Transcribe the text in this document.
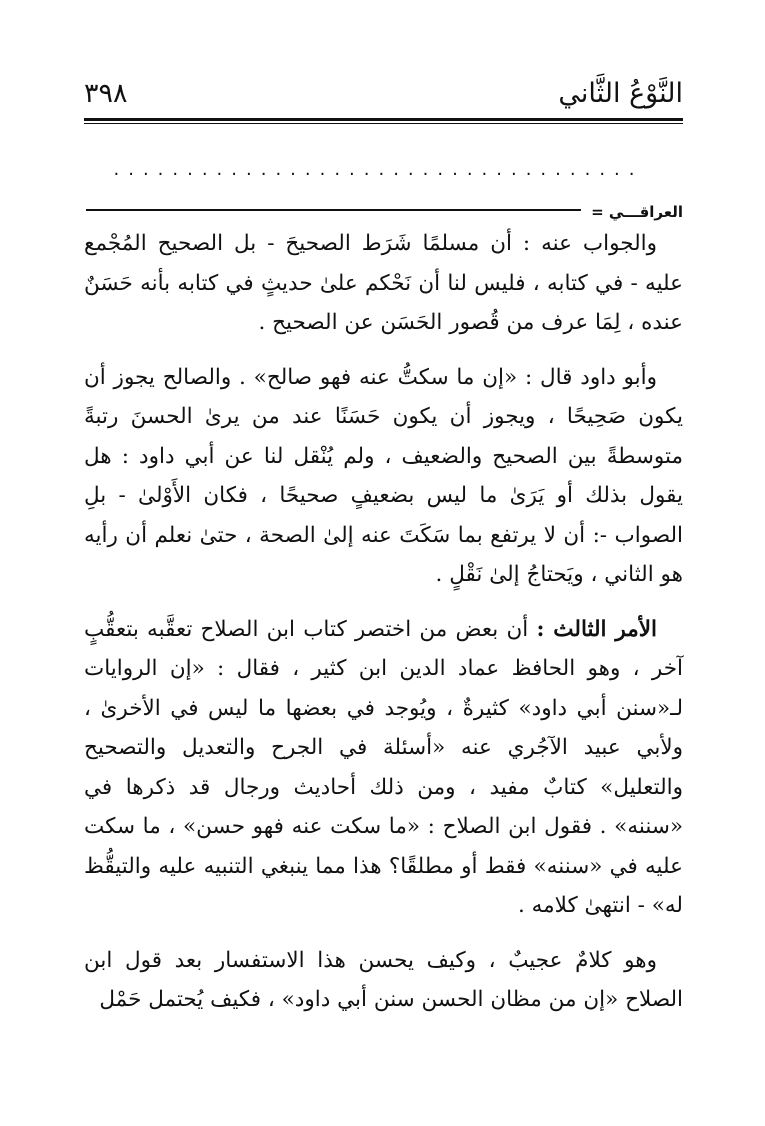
النَّوْعُ الثَّاني
٣٩٨
....................................
العراقـــي =

والجواب عنه : أن مسلمًا شَرَط الصحيحَ - بل الصحيح المُجْمع عليه - في كتابه ، فليس لنا أن نَحْكم علىٰ حديثٍ في كتابه بأنه حَسَنٌ عنده ، لِمَا عرف من قُصور الحَسَن عن الصحيح .

وأبو داود قال : «إن ما سكتُّ عنه فهو صالح» . والصالح يجوز أن يكون صَحِيحًا ، ويجوز أن يكون حَسَنًا عند من يرىٰ الحسنَ رتبةً متوسطةً بين الصحيح والضعيف ، ولم يُنْقل لنا عن أبي داود : هل يقول بذلك أو يَرَىٰ ما ليس بضعيفٍ صحيحًا ، فكان الأَوْلىٰ - بلِ الصواب -: أن لا يرتفع بما سَكَتَ عنه إلىٰ الصحة ، حتىٰ نعلم أن رأيه هو الثاني ، ويَحتاجُ إلىٰ نَقْلٍ .

الأمر الثالث : أن بعض من اختصر كتاب ابن الصلاح تعقَّبه بتعقُّبٍ آخر ، وهو الحافظ عماد الدين ابن كثير ، فقال : «إن الروايات لـ«سنن أبي داود» كثيرةٌ ، ويُوجد في بعضها ما ليس في الأخرىٰ ، ولأبي عبيد الآجُري عنه «أسئلة في الجرح والتعديل والتصحيح والتعليل» كتابٌ مفيد ، ومن ذلك أحاديث ورجال قد ذكرها في «سننه» . فقول ابن الصلاح : «ما سكت عنه فهو حسن» ، ما سكت عليه في «سننه» فقط أو مطلقًا؟ هذا مما ينبغي التنبيه عليه والتيقُّظ له» - انتهىٰ كلامه .

وهو كلامٌ عجيبٌ ، وكيف يحسن هذا الاستفسار بعد قول ابن الصلاح «إن من مظان الحسن سنن أبي داود» ، فكيف يُحتمل حَمْل
